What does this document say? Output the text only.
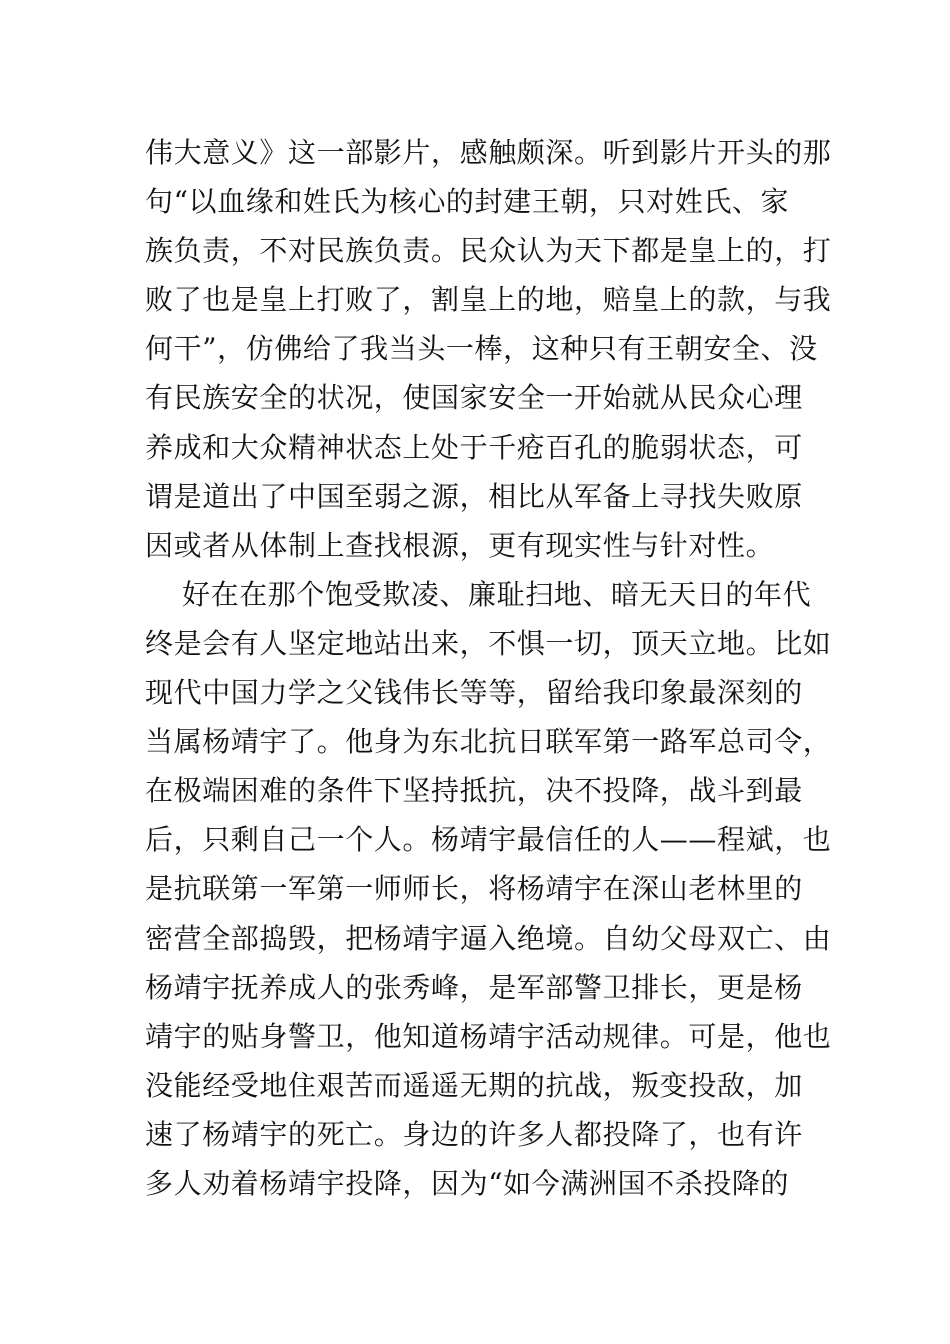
伟大意义》这一部影片，感触颇深。听到影片开头的那
句“以血缘和姓氏为核心的封建王朝，只对姓氏、家
族负责，不对民族负责。民众认为天下都是皇上的，打
败了也是皇上打败了，割皇上的地，赔皇上的款，与我
何干”，仿佛给了我当头一棒，这种只有王朝安全、没
有民族安全的状况，使国家安全一开始就从民众心理
养成和大众精神状态上处于千疮百孔的脆弱状态，可
谓是道出了中国至弱之源，相比从军备上寻找失败原
因或者从体制上查找根源，更有现实性与针对性。
好在在那个饱受欺凌、廉耻扫地、暗无天日的年代
终是会有人坚定地站出来，不惧一切，顶天立地。比如
现代中国力学之父钱伟长等等，留给我印象最深刻的
当属杨靖宇了。他身为东北抗日联军第一路军总司令，
在极端困难的条件下坚持抵抗，决不投降，战斗到最
后，只剩自己一个人。杨靖宇最信任的人——程斌，也
是抗联第一军第一师师长，将杨靖宇在深山老林里的
密营全部捣毁，把杨靖宇逼入绝境。自幼父母双亡、由
杨靖宇抚养成人的张秀峰，是军部警卫排长，更是杨
靖宇的贴身警卫，他知道杨靖宇活动规律。可是，他也
没能经受地住艰苦而遥遥无期的抗战，叛变投敌，加
速了杨靖宇的死亡。身边的许多人都投降了，也有许
多人劝着杨靖宇投降，因为“如今满洲国不杀投降的
